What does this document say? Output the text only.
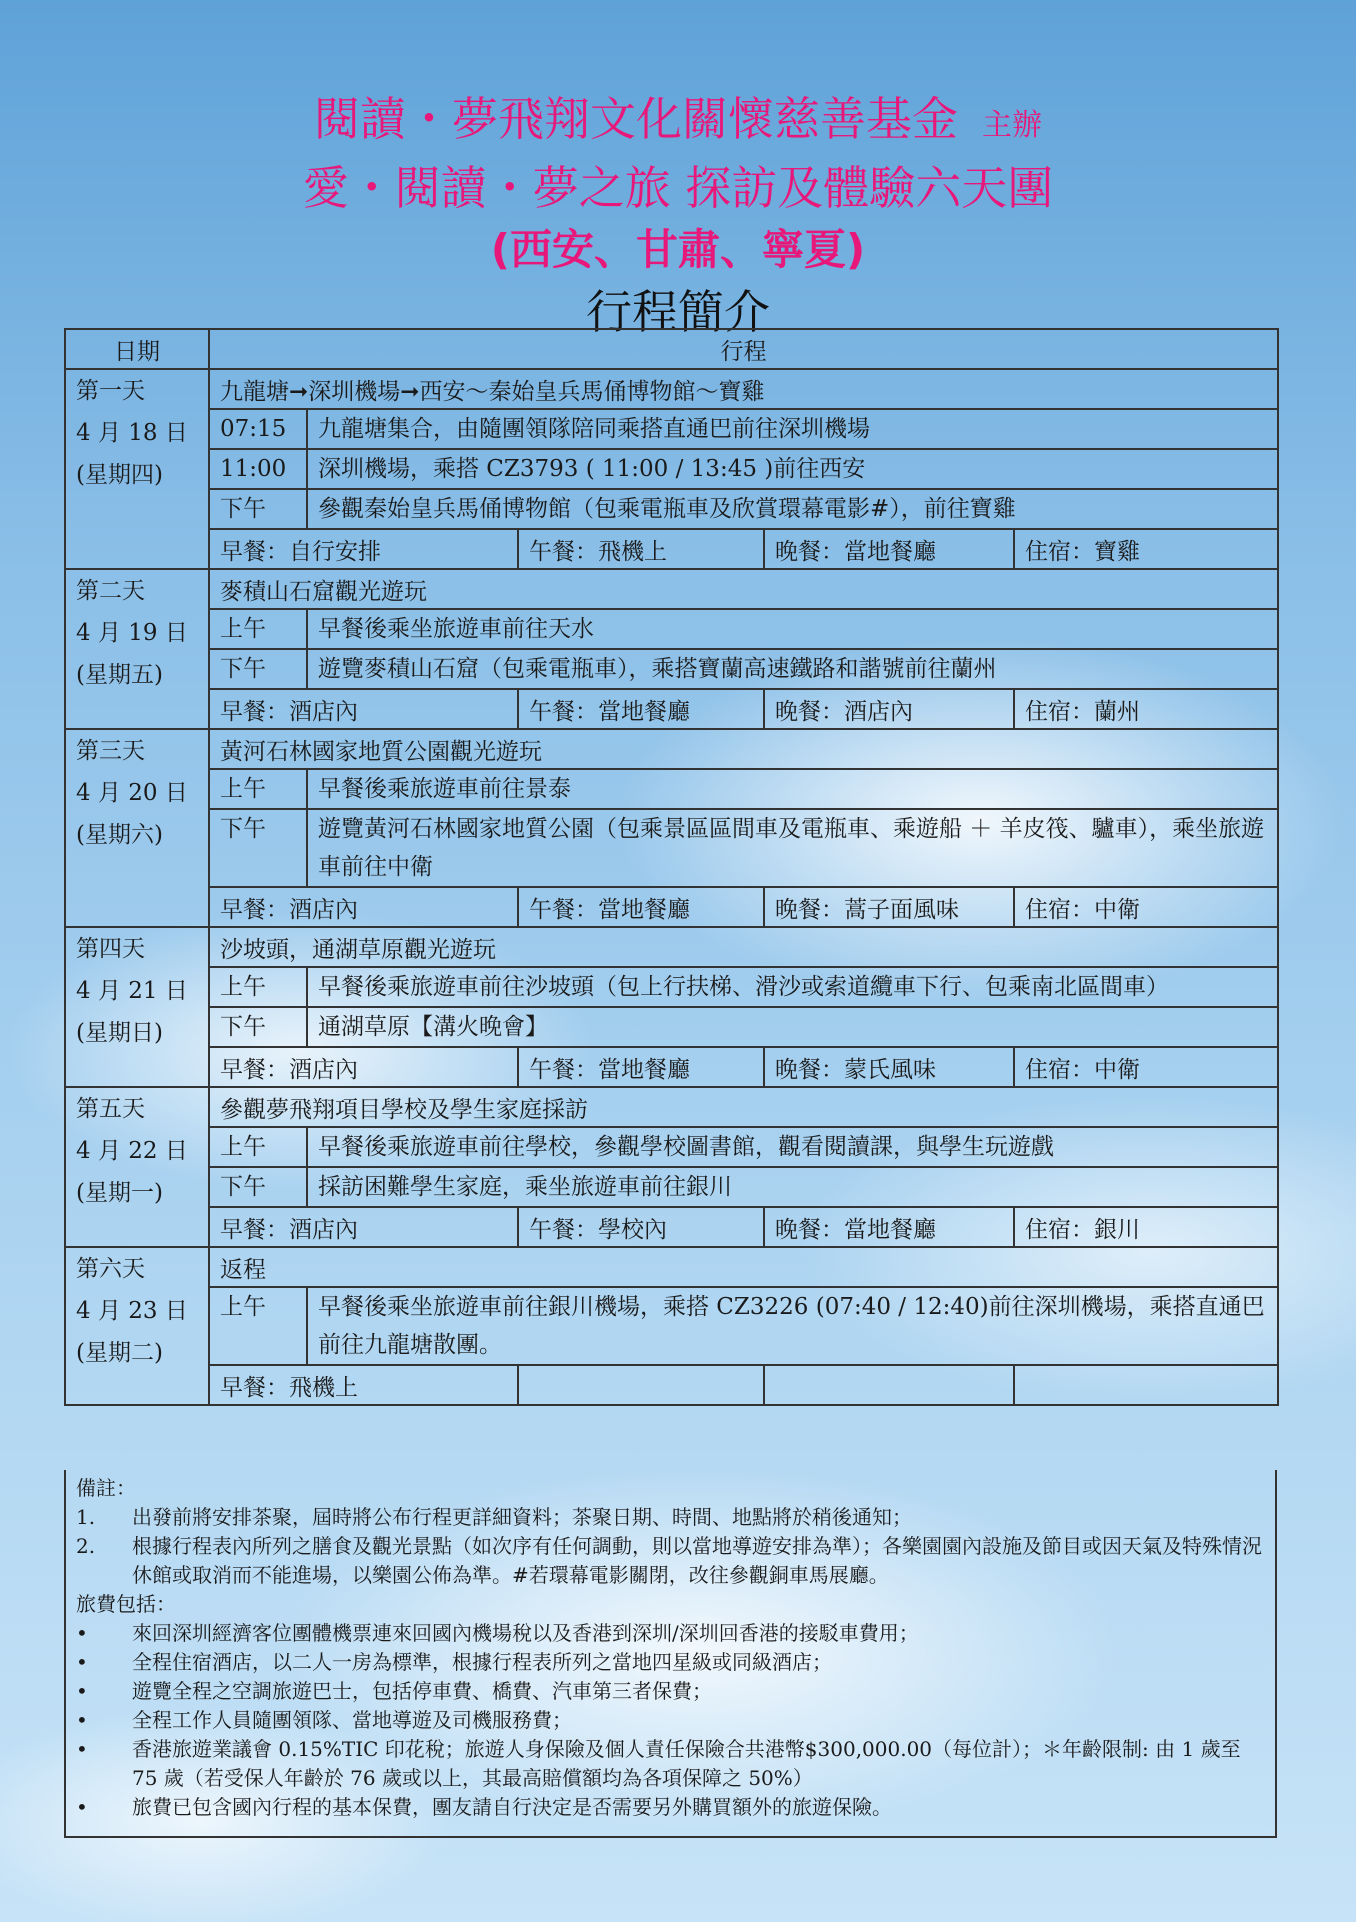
閱讀・夢飛翔文化關懷慈善基金 主辦
愛・閱讀・夢之旅 探訪及體驗六天團
(西安、甘肅、寧夏)
行程簡介
日期	行程				

第一天
4 月 18 日
(星期四)	九龍塘➞深圳機場➞西安～秦始皇兵馬俑博物館～寶雞				
	07:15	九龍塘集合，由隨團領隊陪同乘搭直通巴前往深圳機場			
	11:00	深圳機場，乘搭 CZ3793 ( 11:00 / 13:45 )前往西安			
	下午	參觀秦始皇兵馬俑博物館（包乘電瓶車及欣賞環幕電影#），前往寶雞			
	早餐：自行安排		午餐：飛機上	晚餐：當地餐廳	住宿：寶雞

第二天
4 月 19 日
(星期五)	麥積山石窟觀光遊玩				
	上午	早餐後乘坐旅遊車前往天水			
	下午	遊覽麥積山石窟（包乘電瓶車），乘搭寶蘭高速鐵路和諧號前往蘭州			
	早餐：酒店內		午餐：當地餐廳	晚餐：酒店內	住宿：蘭州

第三天
4 月 20 日
(星期六)	黃河石林國家地質公園觀光遊玩				
	上午	早餐後乘旅遊車前往景泰			
	下午	遊覽黃河石林國家地質公園（包乘景區區間車及電瓶車、乘遊船 ＋ 羊皮筏、驢車），乘坐旅遊車前往中衛			
	早餐：酒店內		午餐：當地餐廳	晚餐：蒿子面風味	住宿：中衛

第四天
4 月 21 日
(星期日)	沙坡頭，通湖草原觀光遊玩				
	上午	早餐後乘旅遊車前往沙坡頭（包上行扶梯、滑沙或索道纜車下行、包乘南北區間車）			
	下午	通湖草原【溝火晚會】			
	早餐：酒店內		午餐：當地餐廳	晚餐：蒙氏風味	住宿：中衛

第五天
4 月 22 日
(星期一)	參觀夢飛翔項目學校及學生家庭採訪				
	上午	早餐後乘旅遊車前往學校，參觀學校圖書館，觀看閱讀課，與學生玩遊戲			
	下午	採訪困難學生家庭，乘坐旅遊車前往銀川			
	早餐：酒店內		午餐：學校內	晚餐：當地餐廳	住宿：銀川

第六天
4 月 23 日
(星期二)	返程				
	上午	早餐後乘坐旅遊車前往銀川機場，乘搭 CZ3226 (07:40 / 12:40)前往深圳機場，乘搭直通巴前往九龍塘散團。			
	早餐：飛機上				
備註：
1.	出發前將安排茶聚，屆時將公布行程更詳細資料；茶聚日期、時間、地點將於稍後通知；
2.	根據行程表內所列之膳食及觀光景點（如次序有任何調動，則以當地導遊安排為準）；各樂園園內設施及節目或因天氣及特殊情況休館或取消而不能進場，以樂園公佈為準。#若環幕電影關閉，改往參觀銅車馬展廳。
旅費包括：
•	來回深圳經濟客位團體機票連來回國內機場稅以及香港到深圳/深圳回香港的接駁車費用；
•	全程住宿酒店，以二人一房為標準，根據行程表所列之當地四星級或同級酒店；
•	遊覽全程之空調旅遊巴士，包括停車費、橋費、汽車第三者保費；
•	全程工作人員隨團領隊、當地導遊及司機服務費；
•	香港旅遊業議會 0.15%TIC 印花稅；旅遊人身保險及個人責任保險合共港幣$300,000.00（每位計）；＊年齡限制: 由 1 歲至 75 歲（若受保人年齡於 76 歲或以上，其最高賠償額均為各項保障之 50%）
•	旅費已包含國內行程的基本保費，團友請自行決定是否需要另外購買額外的旅遊保險。
